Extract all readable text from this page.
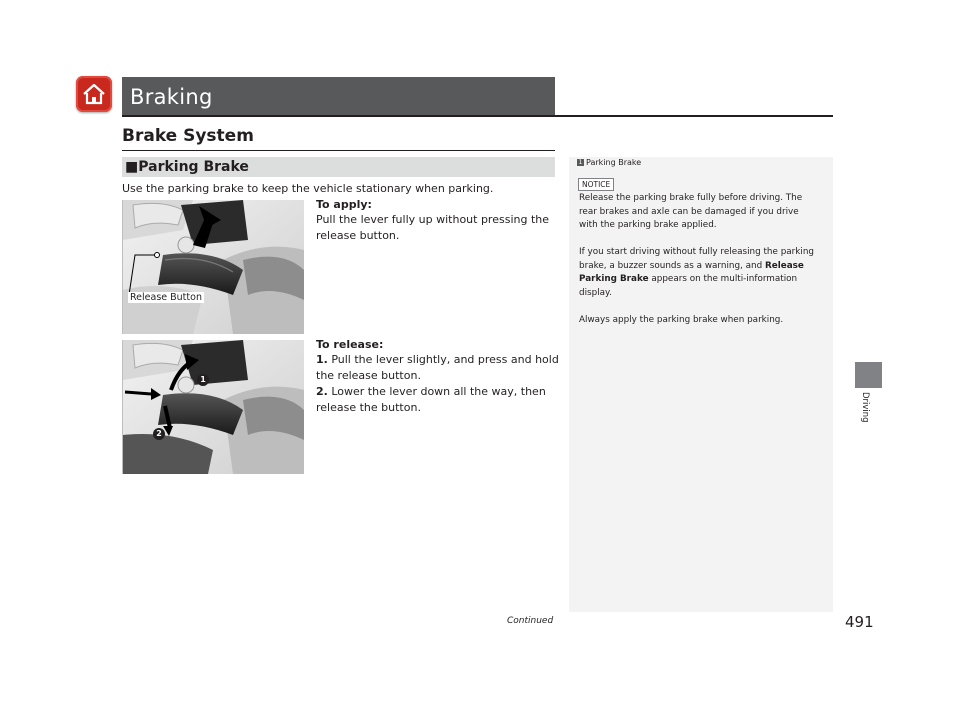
Braking
Brake System
■Parking Brake
Use the parking brake to keep the vehicle stationary when parking.
Release Button
To apply:
Pull the lever fully up without pressing the release button.
1
2
To release:
1. Pull the lever slightly, and press and hold the release button.
2. Lower the lever down all the way, then release the button.
1 Parking Brake
NOTICE
Release the parking brake fully before driving. The rear brakes and axle can be damaged if you drive with the parking brake applied.
If you start driving without fully releasing the parking brake, a buzzer sounds as a warning, and Release Parking Brake appears on the multi-information display.
Always apply the parking brake when parking.
Driving
Continued	491
